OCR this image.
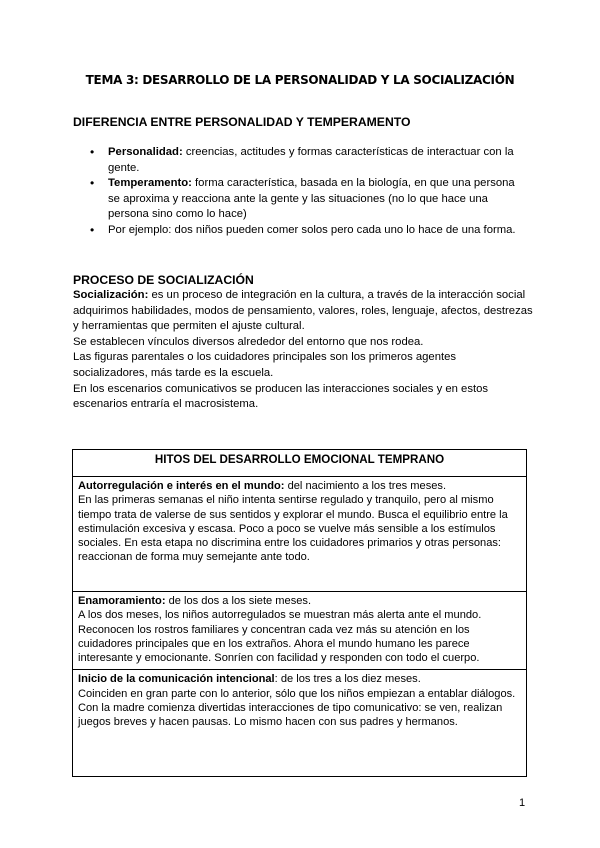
TEMA 3: DESARROLLO DE LA PERSONALIDAD Y LA SOCIALIZACIÓN
DIFERENCIA ENTRE PERSONALIDAD Y TEMPERAMENTO
• Personalidad: creencias, actitudes y formas características de interactuar con la gente.
• Temperamento: forma característica, basada en la biología, en que una persona se aproxima y reacciona ante la gente y las situaciones (no lo que hace una persona sino como lo hace)
• Por ejemplo: dos niños pueden comer solos pero cada uno lo hace de una forma.
PROCESO DE SOCIALIZACIÓN

Socialización: es un proceso de integración en la cultura, a través de la interacción social adquirimos habilidades, modos de pensamiento, valores, roles, lenguaje, afectos, destrezas y herramientas que permiten el ajuste cultural.

Se establecen vínculos diversos alrededor del entorno que nos rodea.

Las figuras parentales o los cuidadores principales son los primeros agentes socializadores, más tarde es la escuela.

En los escenarios comunicativos se producen las interacciones sociales y en estos escenarios entraría el macrosistema.

HITOS DEL DESARROLLO EMOCIONAL TEMPRANO
Autorregulación e interés en el mundo: del nacimiento a los tres meses.
En las primeras semanas el niño intenta sentirse regulado y tranquilo, pero al mismo tiempo trata de valerse de sus sentidos y explorar el mundo. Busca el equilibrio entre la estimulación excesiva y escasa. Poco a poco se vuelve más sensible a los estímulos sociales. En esta etapa no discrimina entre los cuidadores primarios y otras personas: reaccionan de forma muy semejante ante todo.
Enamoramiento: de los dos a los siete meses.
A los dos meses, los niños autorregulados se muestran más alerta ante el mundo. Reconocen los rostros familiares y concentran cada vez más su atención en los cuidadores principales que en los extraños. Ahora el mundo humano les parece interesante y emocionante. Sonríen con facilidad y responden con todo el cuerpo.
Inicio de la comunicación intencional: de los tres a los diez meses.
Coinciden en gran parte con lo anterior, sólo que los niños empiezan a entablar diálogos. Con la madre comienza divertidas interacciones de tipo comunicativo: se ven, realizan juegos breves y hacen pausas. Lo mismo hacen con sus padres y hermanos.
1
